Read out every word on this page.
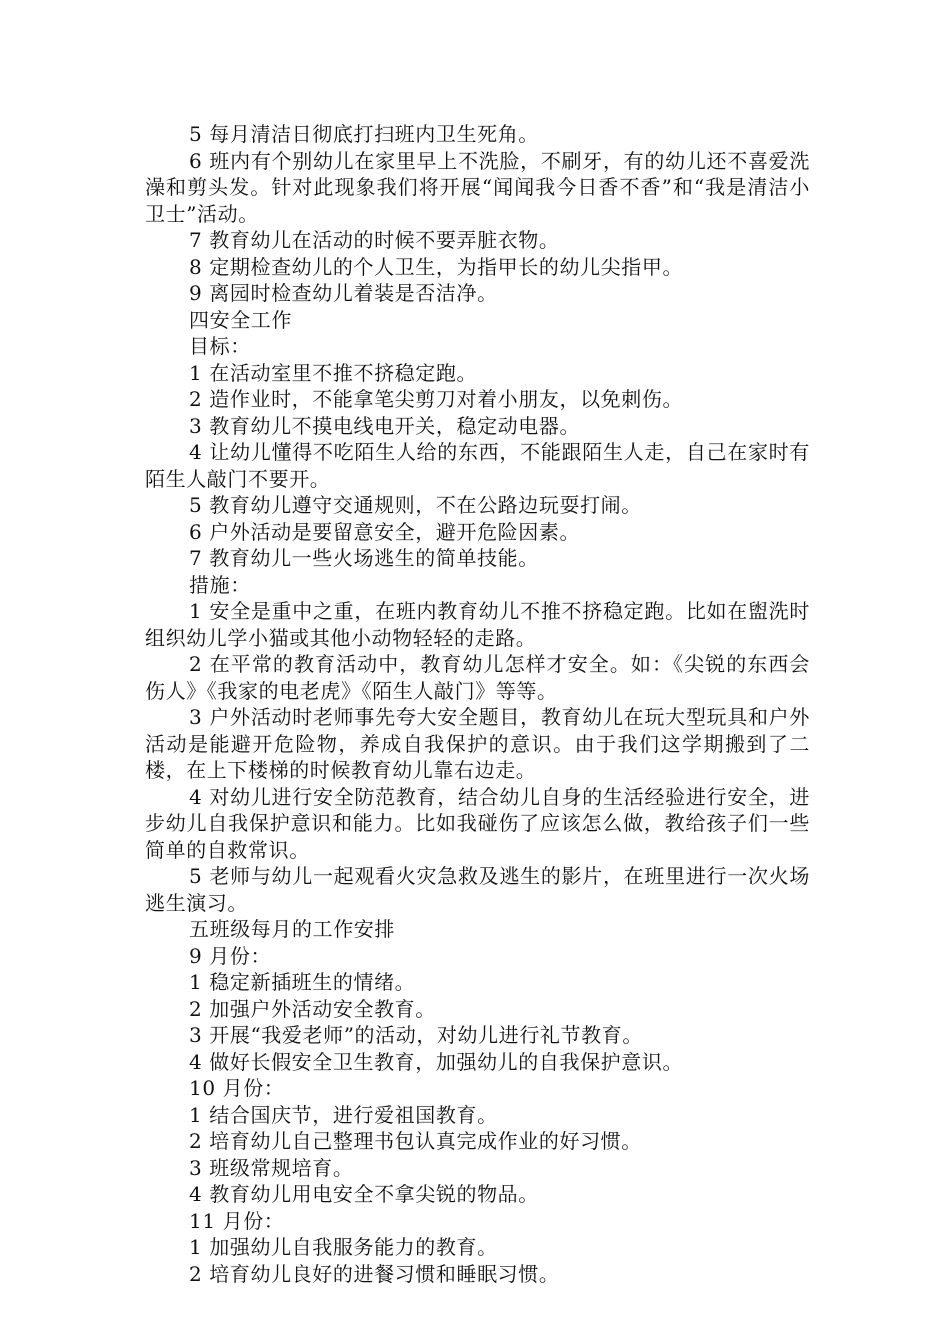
5 每月清洁日彻底打扫班内卫生死角。

6 班内有个别幼儿在家里早上不洗脸，不刷牙，有的幼儿还不喜爱洗澡和剪头发。针对此现象我们将开展“闻闻我今日香不香”和“我是清洁小卫士”活动。

7 教育幼儿在活动的时候不要弄脏衣物。

8 定期检查幼儿的个人卫生，为指甲长的幼儿尖指甲。

9 离园时检查幼儿着装是否洁净。

四安全工作

目标：

1 在活动室里不推不挤稳定跑。

2 造作业时，不能拿笔尖剪刀对着小朋友，以免刺伤。

3 教育幼儿不摸电线电开关，稳定动电器。

4 让幼儿懂得不吃陌生人给的东西，不能跟陌生人走，自己在家时有陌生人敲门不要开。

5 教育幼儿遵守交通规则，不在公路边玩耍打闹。

6 户外活动是要留意安全，避开危险因素。

7 教育幼儿一些火场逃生的简单技能。

措施：

1 安全是重中之重，在班内教育幼儿不推不挤稳定跑。比如在盥洗时组织幼儿学小猫或其他小动物轻轻的走路。

2 在平常的教育活动中，教育幼儿怎样才安全。如：《尖锐的东西会伤人》《我家的电老虎》《陌生人敲门》等等。

3 户外活动时老师事先夸大安全题目，教育幼儿在玩大型玩具和户外活动是能避开危险物，养成自我保护的意识。由于我们这学期搬到了二楼，在上下楼梯的时候教育幼儿靠右边走。

4 对幼儿进行安全防范教育，结合幼儿自身的生活经验进行安全，进步幼儿自我保护意识和能力。比如我碰伤了应该怎么做，教给孩子们一些简单的自救常识。

5 老师与幼儿一起观看火灾急救及逃生的影片，在班里进行一次火场逃生演习。

五班级每月的工作安排

9 月份：

1 稳定新插班生的情绪。

2 加强户外活动安全教育。

3 开展“我爱老师”的活动，对幼儿进行礼节教育。

4 做好长假安全卫生教育，加强幼儿的自我保护意识。

10 月份：

1 结合国庆节，进行爱祖国教育。

2 培育幼儿自己整理书包认真完成作业的好习惯。

3 班级常规培育。

4 教育幼儿用电安全不拿尖锐的物品。

11 月份：

1 加强幼儿自我服务能力的教育。

2 培育幼儿良好的进餐习惯和睡眠习惯。
